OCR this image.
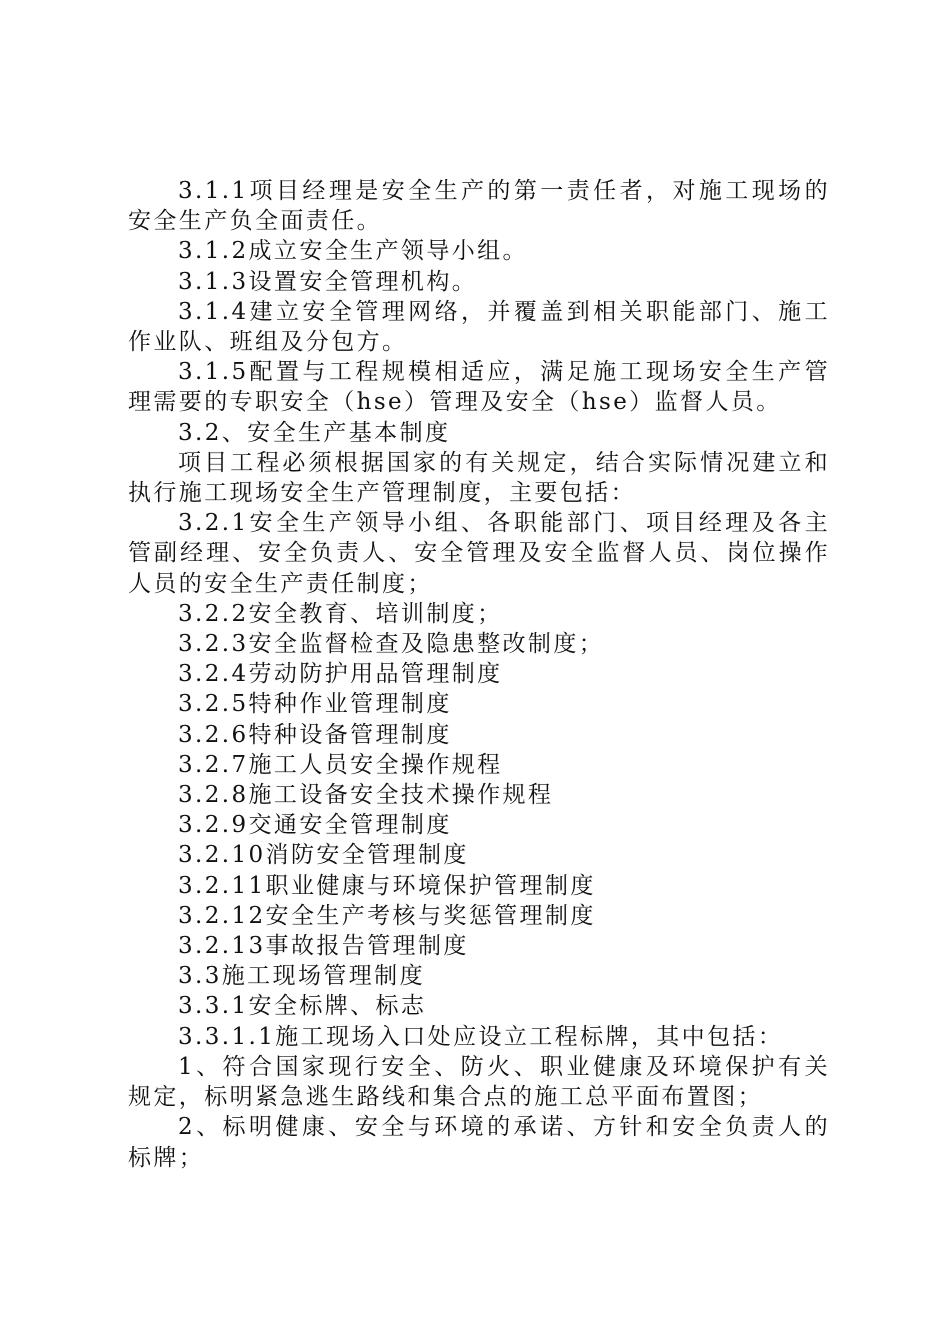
3.1.1项目经理是安全生产的第一责任者，对施工现场的安全生产负全面责任。

3.1.2成立安全生产领导小组。

3.1.3设置安全管理机构。

3.1.4建立安全管理网络，并覆盖到相关职能部门、施工作业队、班组及分包方。

3.1.5配置与工程规模相适应，满足施工现场安全生产管理需要的专职安全（hse）管理及安全（hse）监督人员。

3.2、安全生产基本制度

项目工程必须根据国家的有关规定，结合实际情况建立和执行施工现场安全生产管理制度，主要包括：

3.2.1安全生产领导小组、各职能部门、项目经理及各主管副经理、安全负责人、安全管理及安全监督人员、岗位操作人员的安全生产责任制度；

3.2.2安全教育、培训制度；

3.2.3安全监督检查及隐患整改制度；

3.2.4劳动防护用品管理制度

3.2.5特种作业管理制度

3.2.6特种设备管理制度

3.2.7施工人员安全操作规程

3.2.8施工设备安全技术操作规程

3.2.9交通安全管理制度

3.2.10消防安全管理制度

3.2.11职业健康与环境保护管理制度

3.2.12安全生产考核与奖惩管理制度

3.2.13事故报告管理制度

3.3施工现场管理制度

3.3.1安全标牌、标志

3.3.1.1施工现场入口处应设立工程标牌，其中包括：

1、符合国家现行安全、防火、职业健康及环境保护有关规定，标明紧急逃生路线和集合点的施工总平面布置图；

2、标明健康、安全与环境的承诺、方针和安全负责人的标牌；
